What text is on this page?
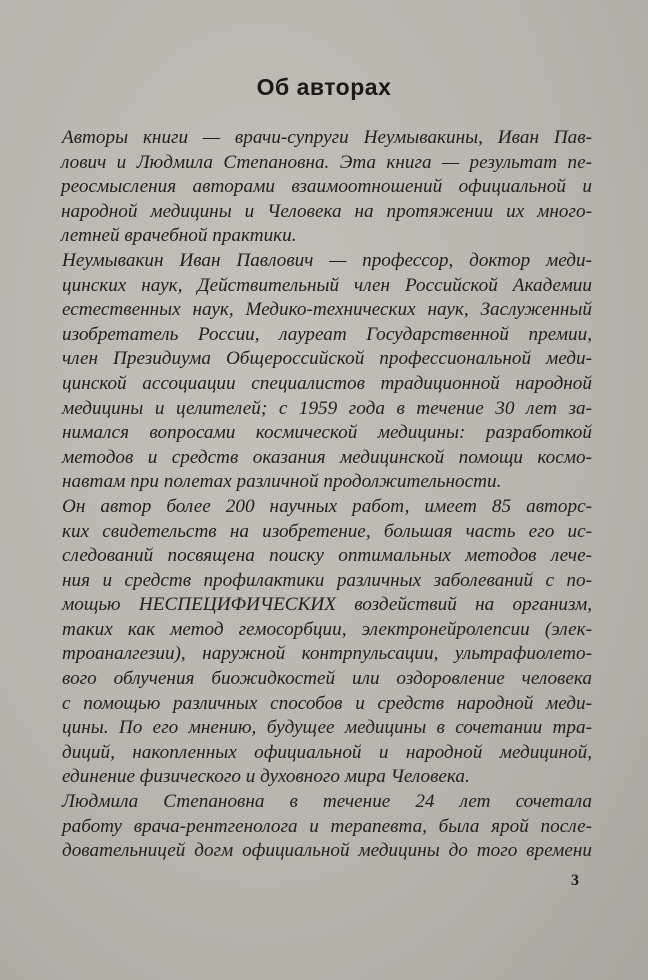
Об авторах
Авторы книги — врачи-супруги Неумывакины, Иван Пав-
лович и Людмила Степановна. Эта книга — результат пе-
реосмысления авторами взаимоотношений официальной и
народной медицины и Человека на протяжении их много-
летней врачебной практики.
Неумывакин Иван Павлович — профессор, доктор меди-
цинских наук, Действительный член Российской Академии
естественных наук, Медико-технических наук, Заслуженный
изобретатель России, лауреат Государственной премии,
член Президиума Общероссийской профессиональной меди-
цинской ассоциации специалистов традиционной народной
медицины и целителей; с 1959 года в течение 30 лет за-
нимался вопросами космической медицины: разработкой
методов и средств оказания медицинской помощи космо-
навтам при полетах различной продолжительности.
Он автор более 200 научных работ, имеет 85 авторс-
ких свидетельств на изобретение, большая часть его ис-
следований посвящена поиску оптимальных методов лече-
ния и средств профилактики различных заболеваний с по-
мощью НЕСПЕЦИФИЧЕСКИХ воздействий на организм,
таких как метод гемосорбции, электронейролепсии (элек-
троаналгезии), наружной контрпульсации, ультрафиолето-
вого облучения биожидкостей или оздоровление человека
с помощью различных способов и средств народной меди-
цины. По его мнению, будущее медицины в сочетании тра-
диций, накопленных официальной и народной медициной,
единение физического и духовного мира Человека.
Людмила Степановна в течение 24 лет сочетала
работу врача-рентгенолога и терапевта, была ярой после-
довательницей догм официальной медицины до того времени
3
